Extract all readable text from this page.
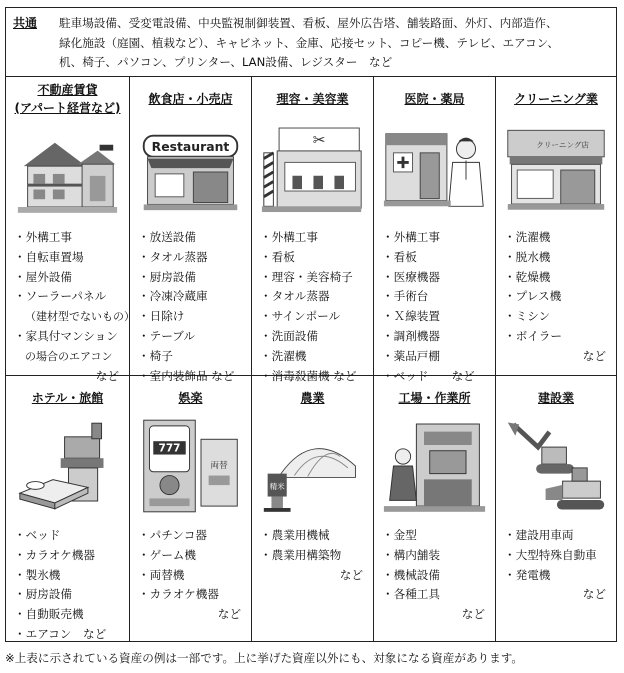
共通 駐車場設備、受変電設備、中央監視制御装置、看板、屋外広告塔、舗装路面、外灯、内部造作、
緑化施設（庭園、植栽など）、キャビネット、金庫、応接セット、コピー機、テレビ、エアコン、
机、椅子、パソコン、プリンター、LAN設備、レジスター　など
不動産賃貸
(アパート経営など)
・外構工事
・自転車置場
・屋外設備
・ソーラーパネル
（建材型でないもの）
・家具付マンション
の場合のエアコン
など
飲食店・小売店
Restaurant
・放送設備
・タオル蒸器
・厨房設備
・冷凍冷蔵庫
・日除け
・テーブル
・椅子
・室内装飾品 など
理容・美容業
✂
・外構工事
・看板
・理容・美容椅子
・タオル蒸器
・サインポール
・洗面設備
・洗濯機
・消毒殺菌機 など
医院・薬局
・外構工事
・看板
・医療機器
・手術台
・Ｘ線装置
・調剤機器
・薬品戸棚
・ベッド　　など
クリーニング業
クリーニング店
・洗濯機
・脱水機
・乾燥機
・プレス機
・ミシン
・ボイラー
など
ホテル・旅館
・ベッド
・カラオケ機器
・製氷機
・厨房設備
・自動販売機
・エアコン　など
娯楽
777
両替
・パチンコ器
・ゲーム機
・両替機
・カラオケ機器
など
農業
精米
・農業用機械
・農業用構築物
など
工場・作業所
・金型
・構内舗装
・機械設備
・各種工具
など
建設業
・建設用車両
・大型特殊自動車
・発電機
など
※上表に示されている資産の例は一部です。上に挙げた資産以外にも、対象になる資産があります。
